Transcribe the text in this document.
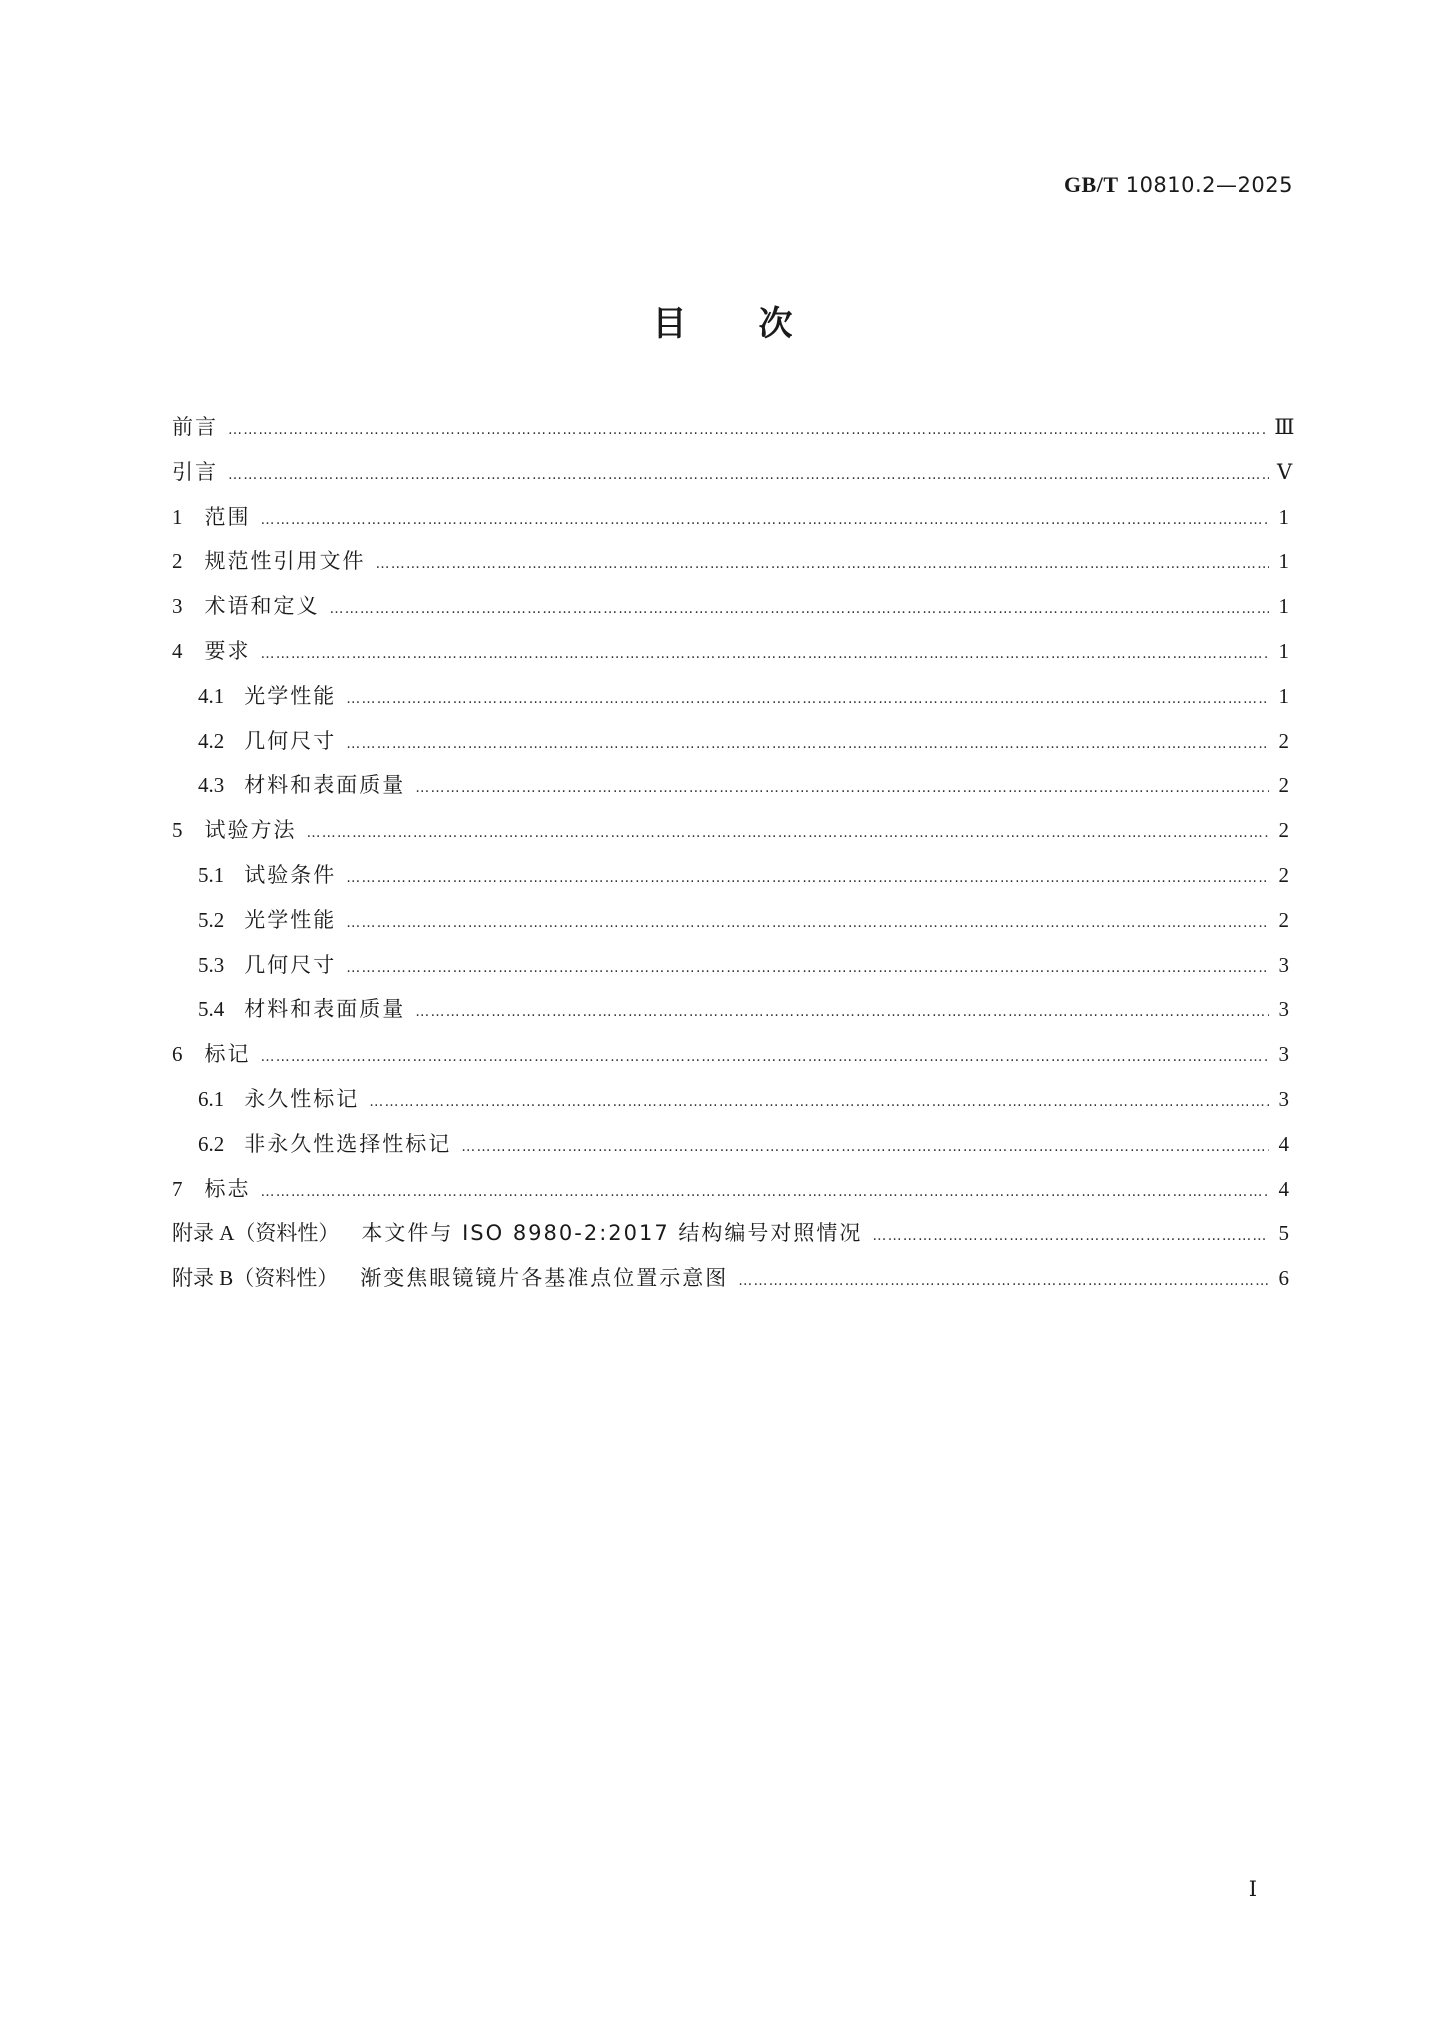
GB/T 10810.2—2025
目次
前言 …………………………………………………………………………………………………………………………………………………………………………………………………………………………………………………………	Ⅲ
引言 …………………………………………………………………………………………………………………………………………………………………………………………………………………………………………………………	Ⅴ
1 范围 …………………………………………………………………………………………………………………………………………………………………………………………………………………………………………………………	1
2 规范性引用文件 …………………………………………………………………………………………………………………………………………………………………………………………………………………………………………………………	1
3 术语和定义 …………………………………………………………………………………………………………………………………………………………………………………………………………………………………………………………	1
4 要求 …………………………………………………………………………………………………………………………………………………………………………………………………………………………………………………………	1
4.1 光学性能 …………………………………………………………………………………………………………………………………………………………………………………………………………………………………………………………	1
4.2 几何尺寸 …………………………………………………………………………………………………………………………………………………………………………………………………………………………………………………………	2
4.3 材料和表面质量 …………………………………………………………………………………………………………………………………………………………………………………………………………………………………………………………	2
5 试验方法 …………………………………………………………………………………………………………………………………………………………………………………………………………………………………………………………	2
5.1 试验条件 …………………………………………………………………………………………………………………………………………………………………………………………………………………………………………………………	2
5.2 光学性能 …………………………………………………………………………………………………………………………………………………………………………………………………………………………………………………………	2
5.3 几何尺寸 …………………………………………………………………………………………………………………………………………………………………………………………………………………………………………………………	3
5.4 材料和表面质量 …………………………………………………………………………………………………………………………………………………………………………………………………………………………………………………………	3
6 标记 …………………………………………………………………………………………………………………………………………………………………………………………………………………………………………………………	3
6.1 永久性标记 …………………………………………………………………………………………………………………………………………………………………………………………………………………………………………………………	3
6.2 非永久性选择性标记 …………………………………………………………………………………………………………………………………………………………………………………………………………………………………………………………	4
7 标志 …………………………………………………………………………………………………………………………………………………………………………………………………………………………………………………………	4
附录 A（资料性） 本文件与 ISO 8980-2:2017 结构编号对照情况 …………………………………………………………………………………………………………………………………………………………………………………………………………………………………………………………	5
附录 B（资料性） 渐变焦眼镜镜片各基准点位置示意图 …………………………………………………………………………………………………………………………………………………………………………………………………………………………………………………………	6
Ⅰ
